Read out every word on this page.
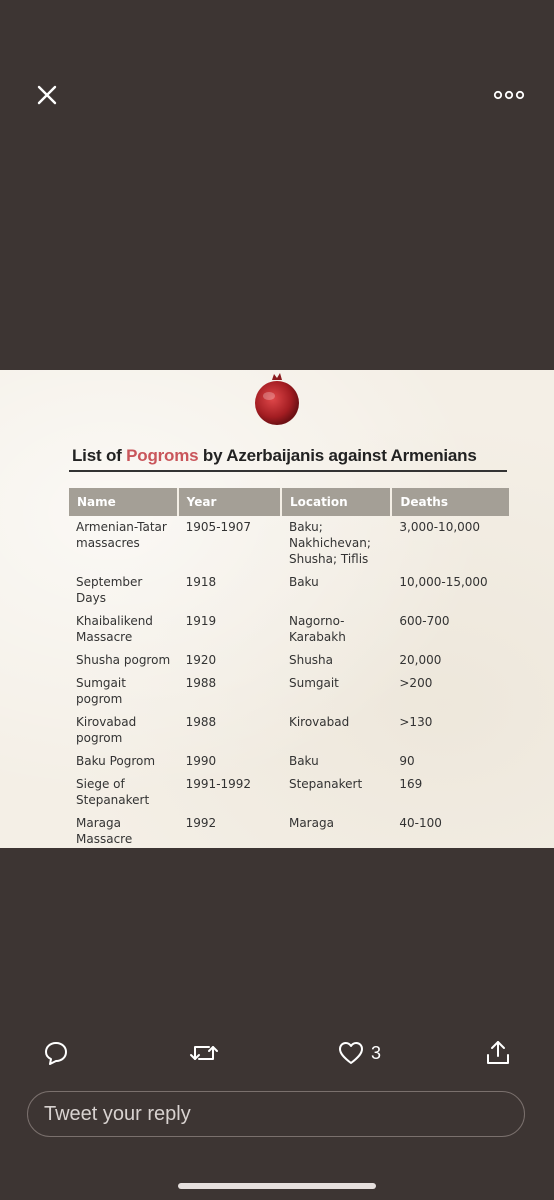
List of Pogroms by Azerbaijanis against Armenians
Name	Year	Location	Deaths
Armenian-Tatar massacres	1905-1907	Baku; Nakhichevan; Shusha; Tiflis	3,000-10,000
September Days	1918	Baku	10,000-15,000
Khaibalikend Massacre	1919	Nagorno-Karabakh	600-700
Shusha pogrom	1920	Shusha	20,000
Sumgait pogrom	1988	Sumgait	>200
Kirovabad pogrom	1988	Kirovabad	>130
Baku Pogrom	1990	Baku	90
Siege of Stepanakert	1991-1992	Stepanakert	169
Maraga Massacre	1992	Maraga	40-100
3
Tweet your reply
